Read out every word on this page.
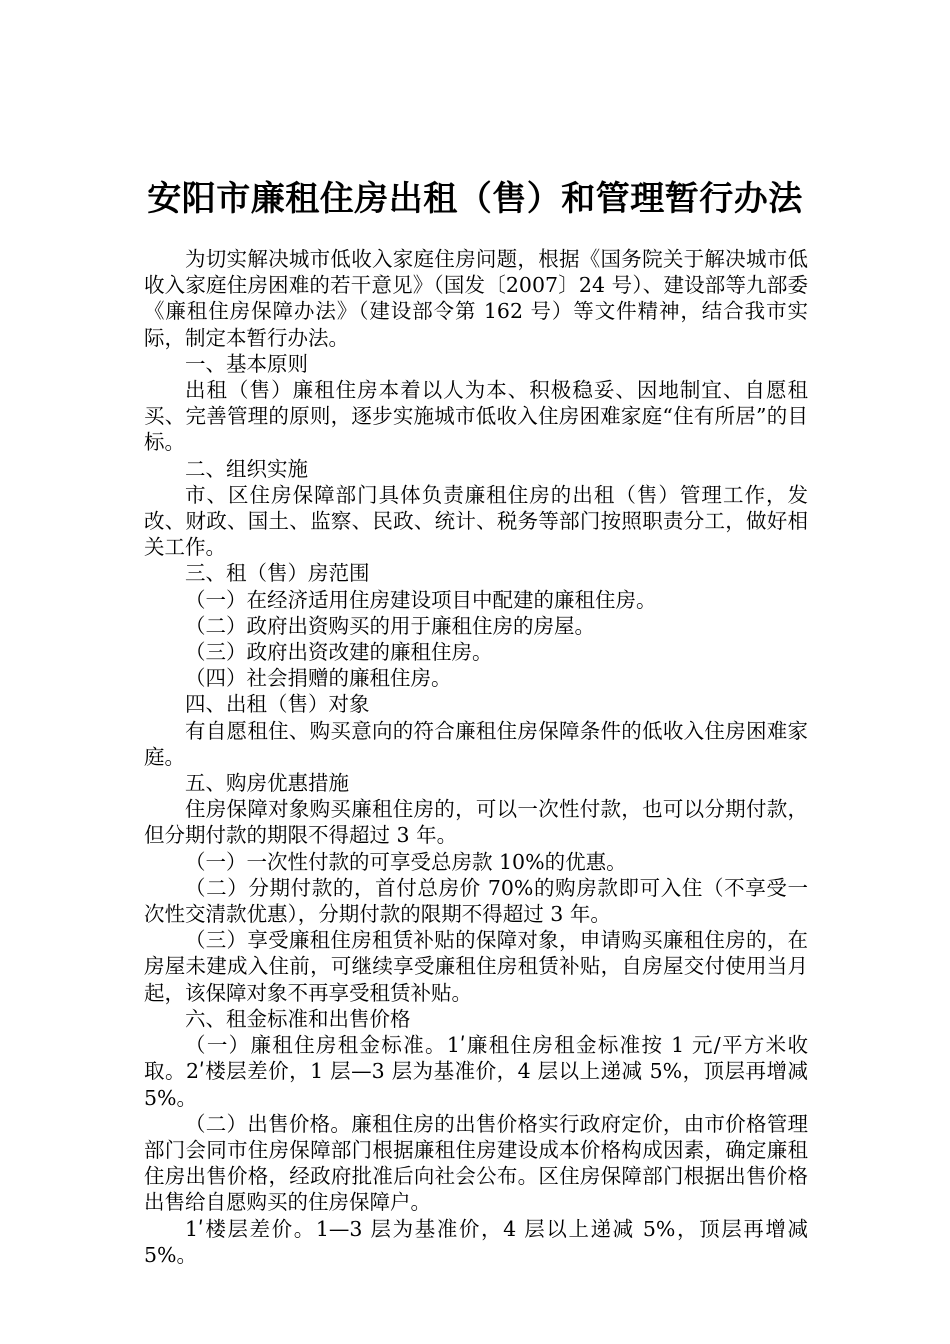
安阳市廉租住房出租（售）和管理暂行办法

为切实解决城市低收入家庭住房问题，根据《国务院关于解决城市低收入家庭住房困难的若干意见》（国发〔2007〕24 号）、建设部等九部委《廉租住房保障办法》（建设部令第 162 号）等文件精神，结合我市实际，制定本暂行办法。

一、基本原则

出租（售）廉租住房本着以人为本、积极稳妥、因地制宜、自愿租买、完善管理的原则，逐步实施城市低收入住房困难家庭“住有所居”的目标。

二、组织实施

市、区住房保障部门具体负责廉租住房的出租（售）管理工作，发改、财政、国土、监察、民政、统计、税务等部门按照职责分工，做好相关工作。

三、租（售）房范围

（一）在经济适用住房建设项目中配建的廉租住房。

（二）政府出资购买的用于廉租住房的房屋。

（三）政府出资改建的廉租住房。

（四）社会捐赠的廉租住房。

四、出租（售）对象

有自愿租住、购买意向的符合廉租住房保障条件的低收入住房困难家庭。

五、购房优惠措施

住房保障对象购买廉租住房的，可以一次性付款，也可以分期付款，但分期付款的期限不得超过 3 年。

（一）一次性付款的可享受总房款 10%的优惠。

（二）分期付款的，首付总房价 70%的购房款即可入住（不享受一次性交清款优惠），分期付款的限期不得超过 3 年。

（三）享受廉租住房租赁补贴的保障对象，申请购买廉租住房的，在房屋未建成入住前，可继续享受廉租住房租赁补贴，自房屋交付使用当月起，该保障对象不再享受租赁补贴。

六、租金标准和出售价格

（一）廉租住房租金标准。1ʹ廉租住房租金标准按 1 元/平方米收取。2ʹ楼层差价，1 层—3 层为基准价，4 层以上递减 5%，顶层再增减 5%。

（二）出售价格。廉租住房的出售价格实行政府定价，由市价格管理部门会同市住房保障部门根据廉租住房建设成本价格构成因素，确定廉租住房出售价格，经政府批准后向社会公布。区住房保障部门根据出售价格出售给自愿购买的住房保障户。

1ʹ楼层差价。1—3 层为基准价，4 层以上递减 5%，顶层再增减 5%。
